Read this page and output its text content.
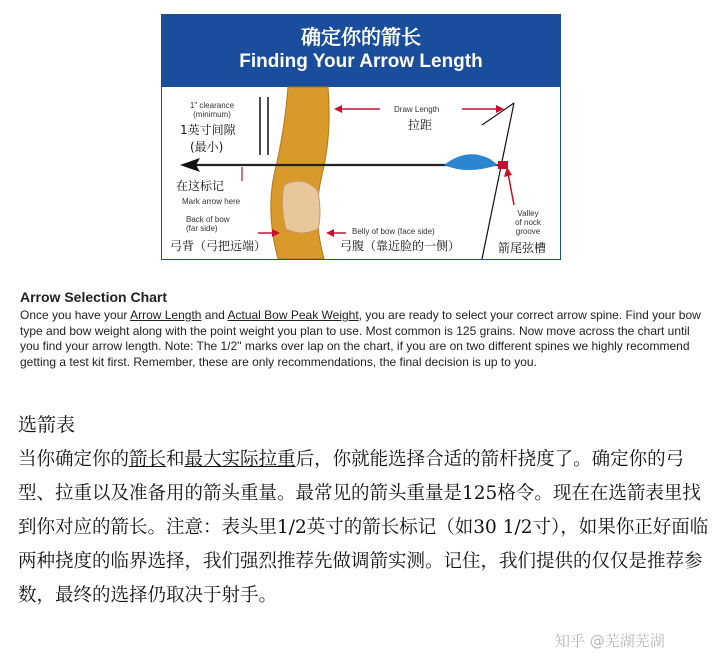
确定你的箭长
Finding Your Arrow Length
1" clearance
(minimum)
1英寸间隙
(最小)
Draw Length
拉距
在这标记
Mark arrow here
Back of bow
(far side)
弓背（弓把远端）
Belly of bow (face side)
弓腹（靠近脸的一侧）
Valley
of nock
groove
箭尾弦槽
Arrow Selection Chart
Once you have your Arrow Length and Actual Bow Peak Weight, you are ready to select your correct arrow spine. Find your bow type and bow weight along with the point weight you plan to use. Most common is 125 grains. Now move across the chart until you find your arrow length. Note: The 1/2" marks over lap on the chart, if you are on two different spines we highly recommend getting a test kit first. Remember, these are only recommendations, the final decision is up to you.
选箭表
当你确定你的箭长和最大实际拉重后，你就能选择合适的箭杆挠度了。确定你的弓型、拉重以及准备用的箭头重量。最常见的箭头重量是125格令。现在在选箭表里找到你对应的箭长。注意：表头里1/2英寸的箭长标记（如30 1/2寸），如果你正好面临两种挠度的临界选择，我们强烈推荐先做调箭实测。记住，我们提供的仅仅是推荐参数，最终的选择仍取决于射手。
知乎 @芜湖芜湖
